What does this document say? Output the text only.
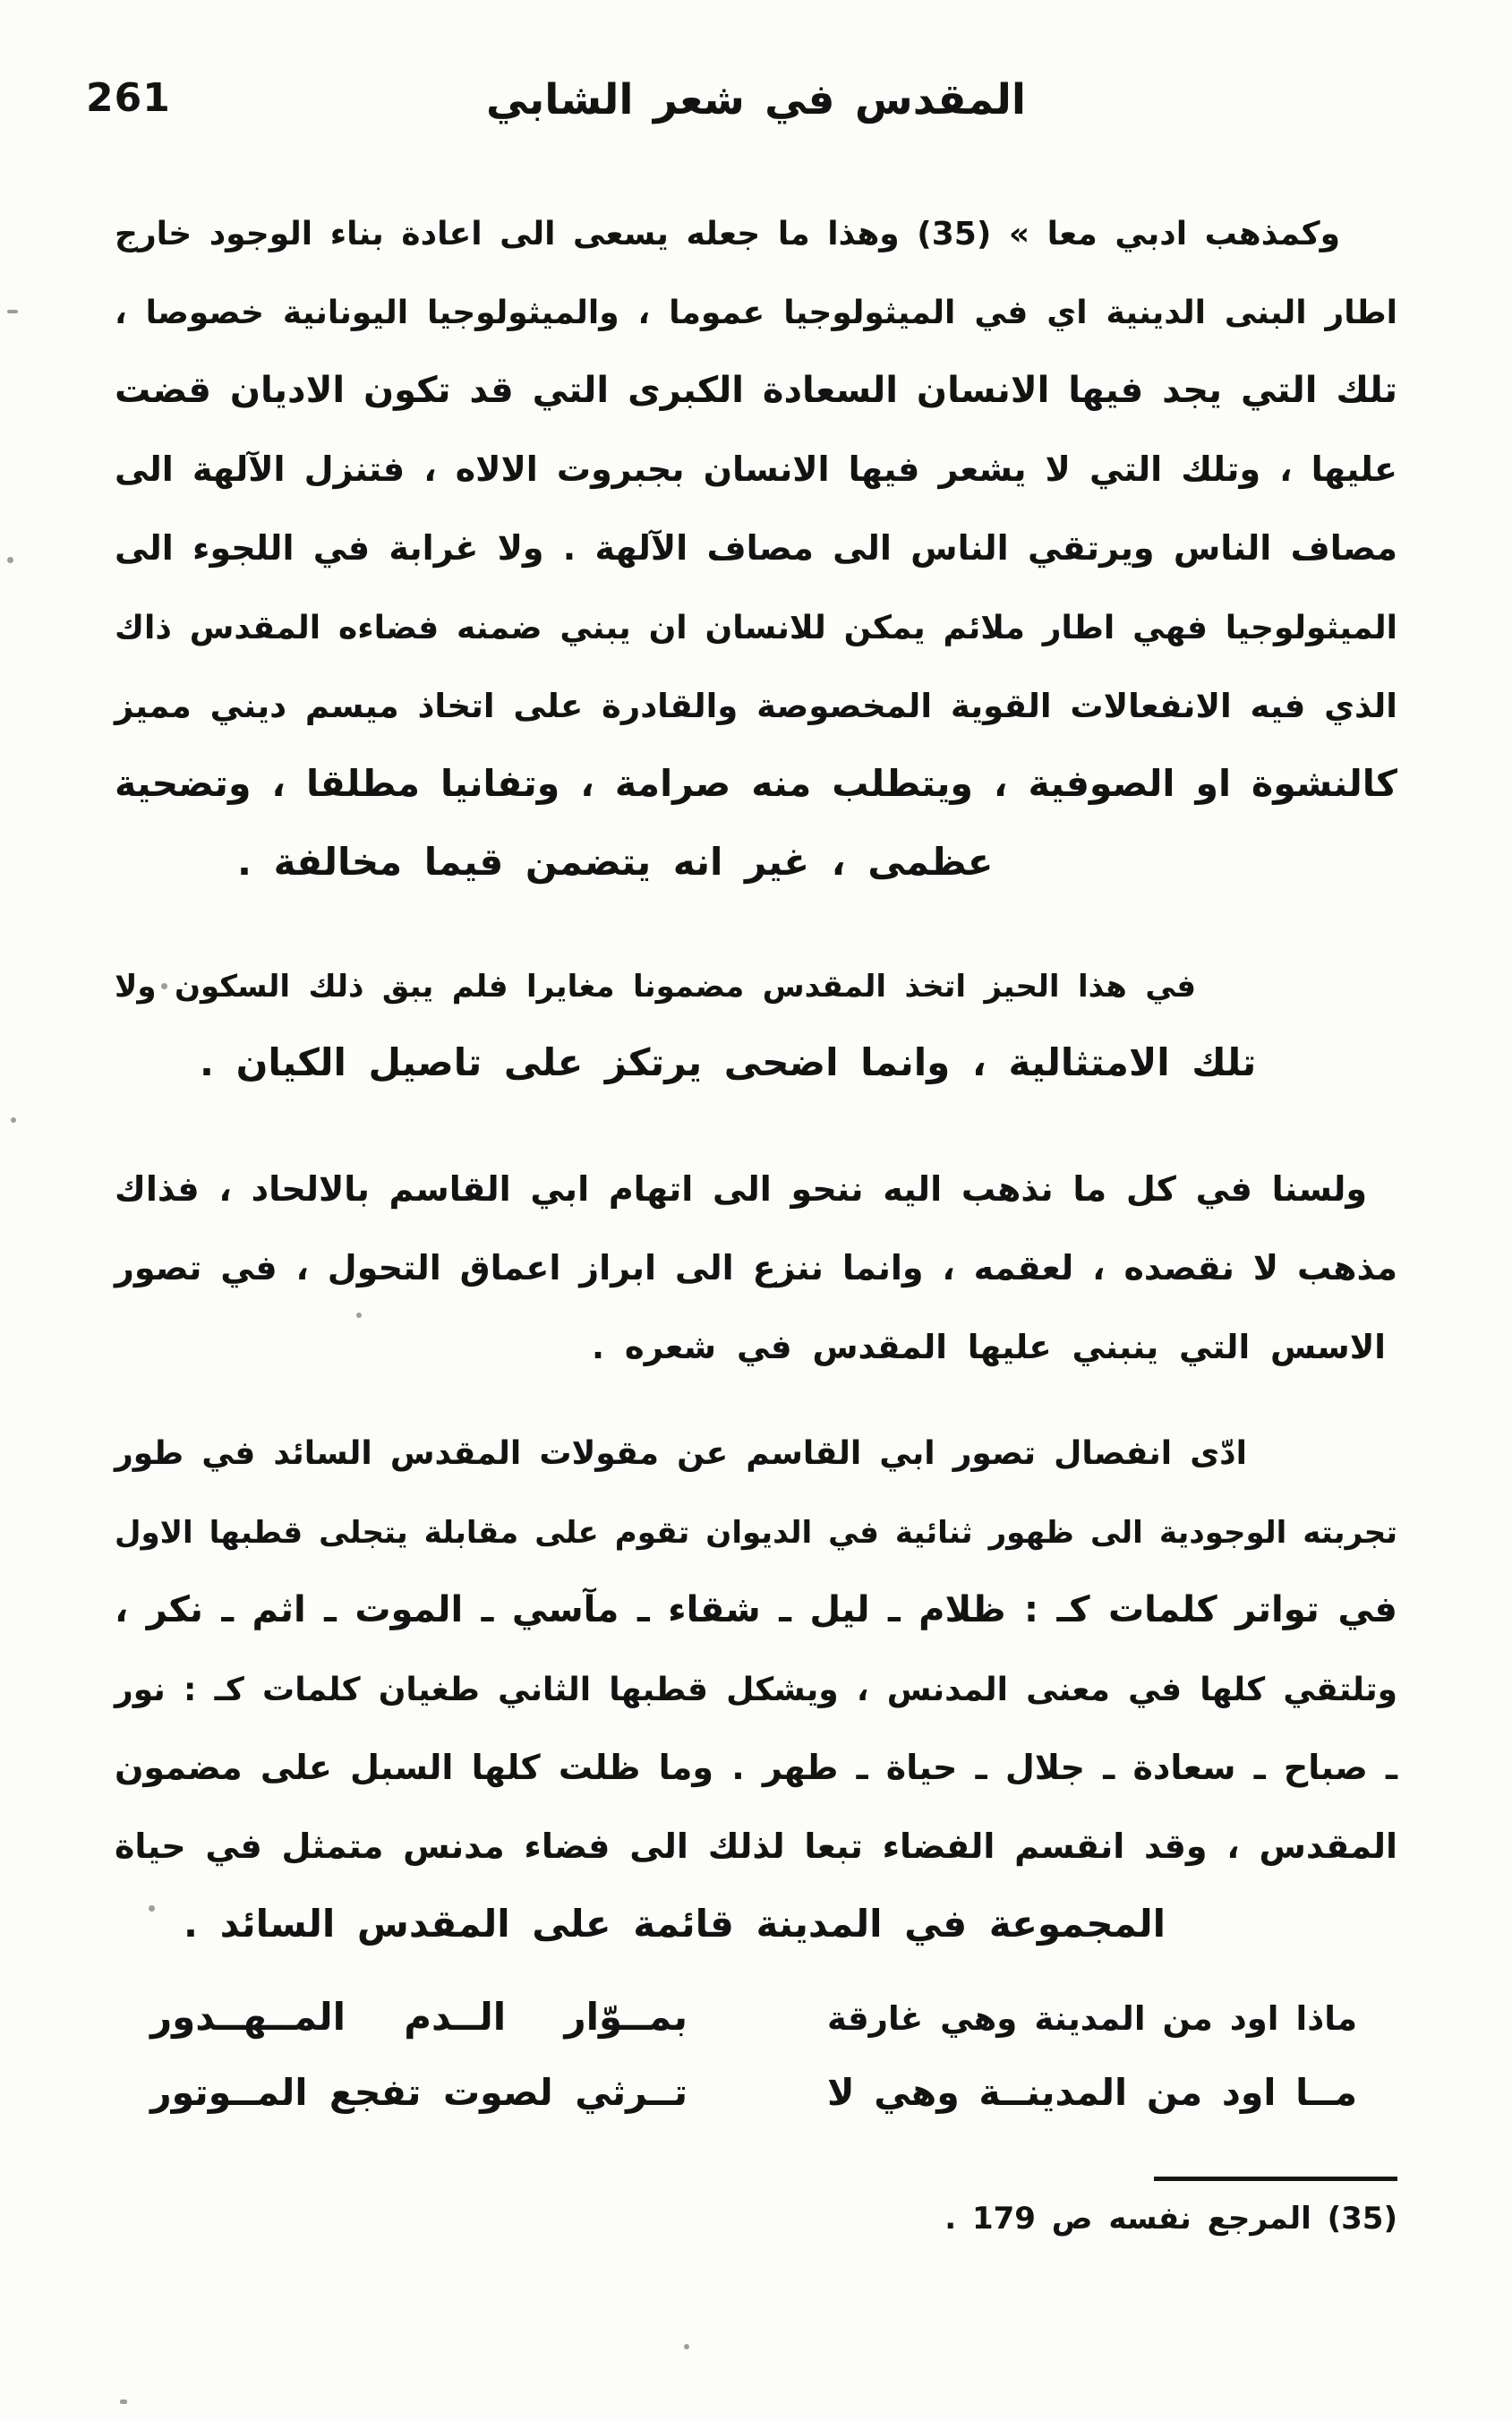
261	المقدس في شعر الشابي
وكمذهب ادبي معا » (35) وهذا ما جعله يسعى الى اعادة بناء الوجود خارج
اطار البنى الدينية اي في الميثولوجيا عموما ، والميثولوجيا اليونانية خصوصا ،
تلك التي يجد فيها الانسان السعادة الكبرى التي قد تكون الاديان قضت
عليها ، وتلك التي لا يشعر فيها الانسان بجبروت الالاه ، فتنزل الآلهة الى
مصاف الناس ويرتقي الناس الى مصاف الآلهة . ولا غرابة في اللجوء الى
الميثولوجيا فهي اطار ملائم يمكن للانسان ان يبني ضمنه فضاءه المقدس ذاك
الذي فيه الانفعالات القوية المخصوصة والقادرة على اتخاذ ميسم ديني مميز
كالنشوة او الصوفية ، ويتطلب منه صرامة ، وتفانيا مطلقا ، وتضحية
عظمى ، غير انه يتضمن قيما مخالفة .
في هذا الحيز اتخذ المقدس مضمونا مغايرا فلم يبق ذلك السكون ولا
تلك الامتثالية ، وانما اضحى يرتكز على تاصيل الكيان .
ولسنا في كل ما نذهب اليه ننحو الى اتهام ابي القاسم بالالحاد ، فذاك
مذهب لا نقصده ، لعقمه ، وانما ننزع الى ابراز اعماق التحول ، في تصور
الاسس التي ينبني عليها المقدس في شعره .
ادّى انفصال تصور ابي القاسم عن مقولات المقدس السائد في طور
تجربته الوجودية الى ظهور ثنائية في الديوان تقوم على مقابلة يتجلى قطبها الاول
في تواتر كلمات كـ : ظلام ـ ليل ـ شقاء ـ مآسي ـ الموت ـ اثم ـ نكر ،
وتلتقي كلها في معنى المدنس ، ويشكل قطبها الثاني طغيان كلمات كـ : نور
ـ صباح ـ سعادة ـ جلال ـ حياة ـ طهر . وما ظلت كلها السبل على مضمون
المقدس ، وقد انقسم الفضاء تبعا لذلك الى فضاء مدنس متمثل في حياة
المجموعة في المدينة قائمة على المقدس السائد .
ماذا اود من المدينة وهي غارقة
بمــوّار الــدم المــهــدور
مــا اود من المدينــة وهي لا
تــرثي لصوت تفجع المــوتور
(35) المرجع نفسه ص 179 .
